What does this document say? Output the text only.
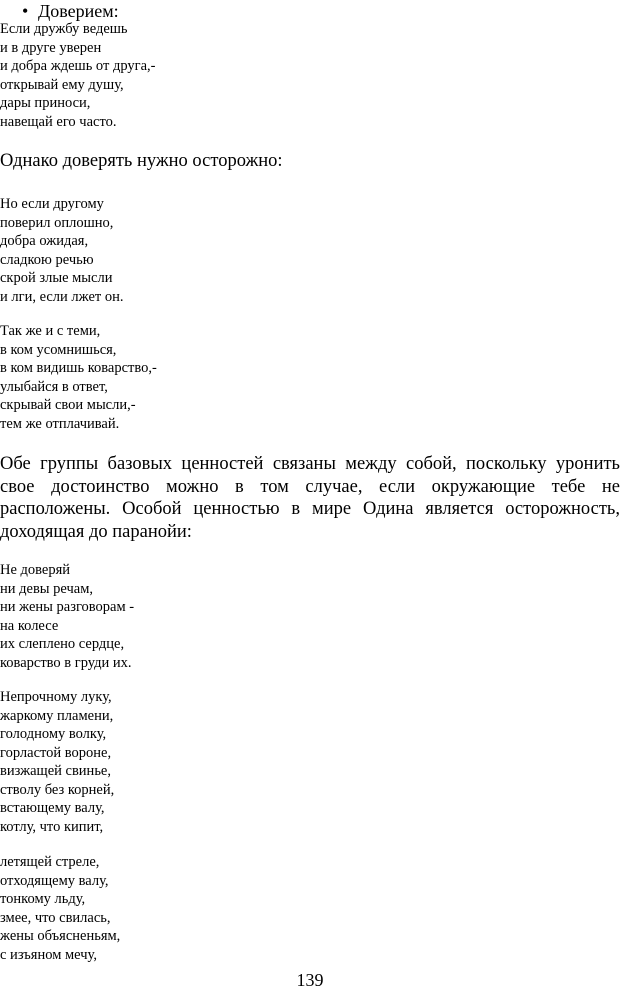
• Доверием:
Если дружбу ведешь
и в друге уверен
и добра ждешь от друга,-
открывай ему душу,
дары приноси,
навещай его часто.
Однако доверять нужно осторожно:
Но если другому
поверил оплошно,
добра ожидая,
сладкою речью
скрой злые мысли
и лги, если лжет он.
Так же и с теми,
в ком усомнишься,
в ком видишь коварство,-
улыбайся в ответ,
скрывай свои мысли,-
тем же отплачивай.
Обе группы базовых ценностей связаны между собой, поскольку уронить
свое достоинство можно в том случае, если окружающие тебе не
расположены. Особой ценностью в мире Одина является осторожность,
доходящая до паранойи:
Не доверяй
ни девы речам,
ни жены разговорам -
на колесе
их слеплено сердце,
коварство в груди их.
Непрочному луку,
жаркому пламени,
голодному волку,
горластой вороне,
визжащей свинье,
стволу без корней,
встающему валу,
котлу, что кипит,
летящей стреле,
отходящему валу,
тонкому льду,
змее, что свилась,
жены объясненьям,
с изъяном мечу,
139
